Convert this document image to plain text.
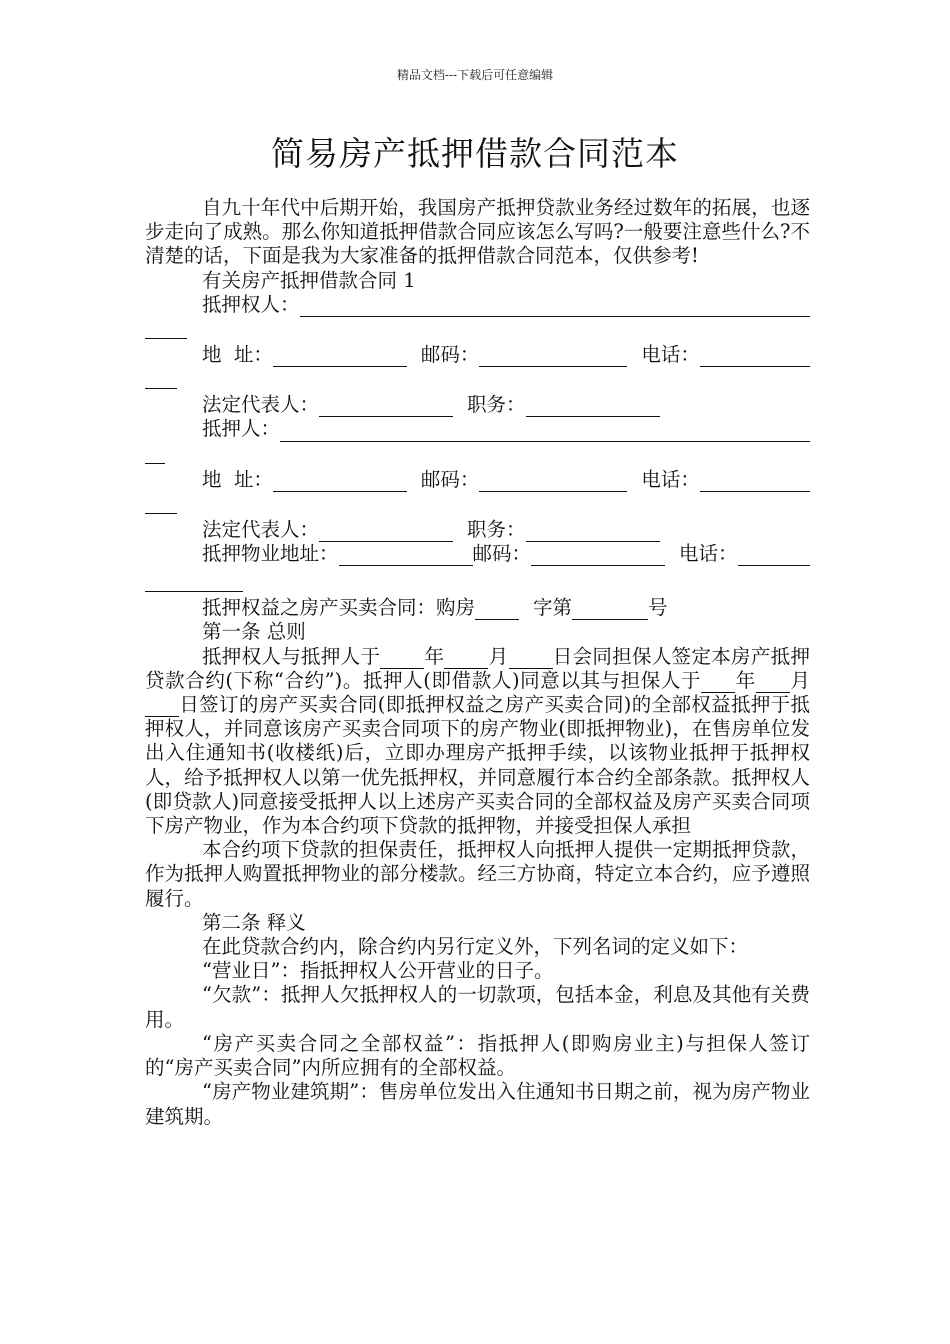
精品文档---下载后可任意编辑
简易房产抵押借款合同范本

自九十年代中后期开始，我国房产抵押贷款业务经过数年的拓展，也逐步走向了成熟。那么你知道抵押借款合同应该怎么写吗?一般要注意些什么?不清楚的话，下面是我为大家准备的抵押借款合同范本，仅供参考!

有关房产抵押借款合同 1

抵押权人：
地  址：	邮码：	电话：
法定代表人：	职务：
抵押人：
地  址：	邮码：	电话：
法定代表人：	职务：
抵押物业地址：	邮码：	电话：
抵押权益之房产买卖合同：购房	字第	号

第一条 总则

抵押权人与抵押人于 年 月 日会同担保人签定本房产抵押贷款合约(下称“合约”)。抵押人(即借款人)同意以其与担保人于 年 月日签订的房产买卖合同(即抵押权益之房产买卖合同)的全部权益抵押于抵押权人，并同意该房产买卖合同项下的房产物业(即抵押物业)，在售房单位发出入住通知书(收楼纸)后，立即办理房产抵押手续，以该物业抵押于抵押权人，给予抵押权人以第一优先抵押权，并同意履行本合约全部条款。抵押权人(即贷款人)同意接受抵押人以上述房产买卖合同的全部权益及房产买卖合同项下房产物业，作为本合约项下贷款的抵押物，并接受担保人承担

本合约项下贷款的担保责任，抵押权人向抵押人提供一定期抵押贷款，作为抵押人购置抵押物业的部分楼款。经三方协商，特定立本合约，应予遵照履行。

第二条 释义

在此贷款合约内，除合约内另行定义外，下列名词的定义如下：

“营业日”：指抵押权人公开营业的日子。

“欠款”：抵押人欠抵押权人的一切款项，包括本金，利息及其他有关费用。

“房产买卖合同之全部权益”：指抵押人(即购房业主)与担保人签订的“房产买卖合同”内所应拥有的全部权益。

“房产物业建筑期”：售房单位发出入住通知书日期之前，视为房产物业建筑期。
